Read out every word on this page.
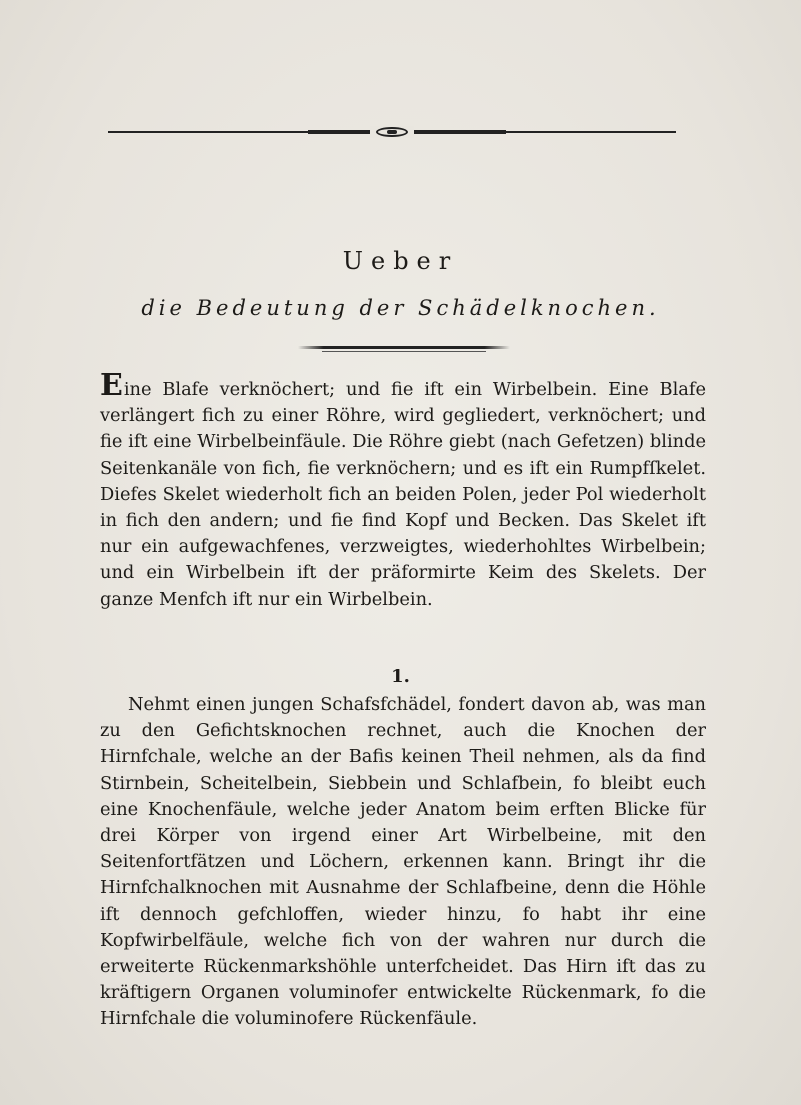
Ueber
die Bedeutung der Schädelknochen.
Eine Blafe verknöchert; und fie ift ein Wirbelbein. Eine Blafe verlängert fich zu einer Röhre, wird gegliedert, verknöchert; und fie ift eine Wirbelbeinfäule. Die Röhre giebt (nach Gefetzen) blinde Seitenkanäle von fich, fie verknöchern; und es ift ein Rumpfſkelet. Diefes Skelet wiederholt fich an beiden Polen, jeder Pol wiederholt in fich den andern; und fie find Kopf und Becken. Das Skelet ift nur ein aufgewachfenes, verzweigtes, wiederhohltes Wirbelbein; und ein Wirbelbein ift der präformirte Keim des Skelets. Der ganze Menfch ift nur ein Wirbelbein.
1.
Nehmt einen jungen Schafsfchädel, fondert davon ab, was man zu den Gefichtsknochen rechnet, auch die Knochen der Hirnfchale, welche an der Bafis keinen Theil nehmen, als da find Stirnbein, Scheitelbein, Siebbein und Schlafbein, fo bleibt euch eine Knochenfäule, welche jeder Anatom beim erften Blicke für drei Körper von irgend einer Art Wirbelbeine, mit den Seitenfortfätzen und Löchern, erkennen kann. Bringt ihr die Hirnfchalknochen mit Ausnahme der Schlafbeine, denn die Höhle ift dennoch gefchloffen, wieder hinzu, fo habt ihr eine Kopfwirbelfäule, welche fich von der wahren nur durch die erweiterte Rückenmarkshöhle unterfcheidet. Das Hirn ift das zu kräftigern Organen voluminofer entwickelte Rückenmark, fo die Hirnfchale die voluminofere Rückenfäule.
